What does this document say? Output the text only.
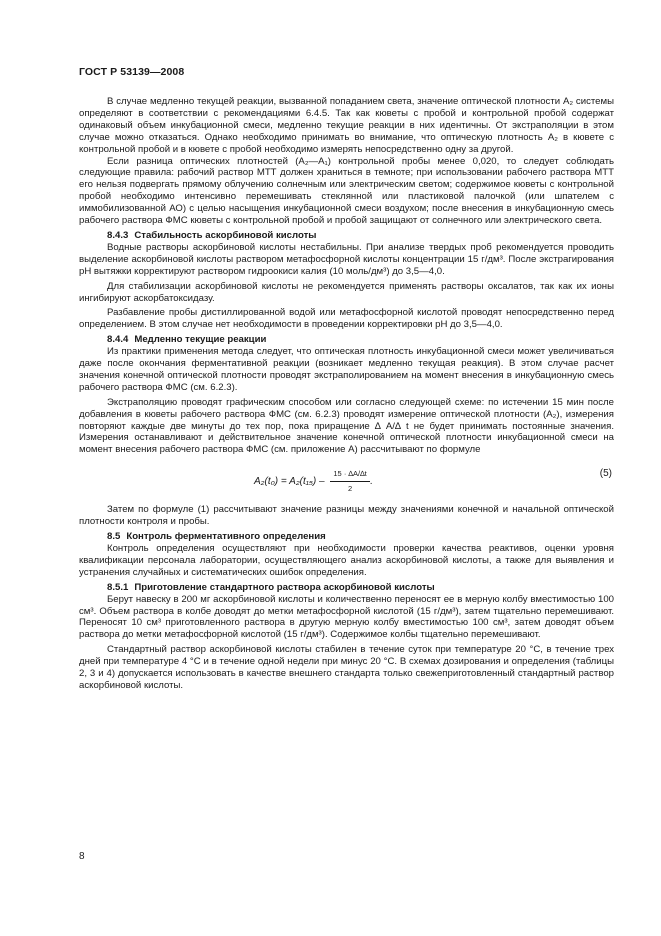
ГОСТ Р 53139—2008

В случае медленно текущей реакции, вызванной попаданием света, значение оптической плотности A₂ системы определяют в соответствии с рекомендациями 6.4.5. Так как кюветы с пробой и контрольной пробой содержат одинаковый объем инкубационной смеси, медленно текущие реакции в них идентичны. От экстраполяции в этом случае можно отказаться. Однако необходимо принимать во внимание, что оптическую плотность A₂ в кювете с контрольной пробой и в кювете с пробой необходимо измерять непосредственно одну за другой.

Если разница оптических плотностей (A₂—A₁) контрольной пробы менее 0,020, то следует соблюдать следующие правила: рабочий раствор МТТ должен храниться в темноте; при использовании рабочего раствора МТТ его нельзя подвергать прямому облучению солнечным или электрическим светом; содержимое кюветы с контрольной пробой необходимо интенсивно перемешивать стеклянной или пластиковой палочкой (или шпателем с иммобилизованной АО) с целью насыщения инкубационной смеси воздухом; после внесения в инкубационную смесь рабочего раствора ФМС кюветы с контрольной пробой и пробой защищают от солнечного или электрического света.

8.4.3 Стабильность аскорбиновой кислоты

Водные растворы аскорбиновой кислоты нестабильны. При анализе твердых проб рекомендуется проводить выделение аскорбиновой кислоты раствором метафосфорной кислоты концентрации 15 г/дм³. После экстрагирования pH вытяжки корректируют раствором гидроокиси калия (10 моль/дм³) до 3,5—4,0.

Для стабилизации аскорбиновой кислоты не рекомендуется применять растворы оксалатов, так как их ионы ингибируют аскорбатоксидазу.

Разбавление пробы дистиллированной водой или метафосфорной кислотой проводят непосредственно перед определением. В этом случае нет необходимости в проведении корректировки pH до 3,5—4,0.

8.4.4 Медленно текущие реакции

Из практики применения метода следует, что оптическая плотность инкубационной смеси может увеличиваться даже после окончания ферментативной реакции (возникает медленно текущая реакция). В этом случае расчет значения конечной оптической плотности проводят экстраполированием на момент внесения в инкубационную смесь рабочего раствора ФМС (см. 6.2.3).

Экстраполяцию проводят графическим способом или согласно следующей схеме: по истечении 15 мин после добавления в кюветы рабочего раствора ФМС (см. 6.2.3) проводят измерение оптической плотности (A₂), измерения повторяют каждые две минуты до тех пор, пока приращение ∆ A/∆ t не будет принимать постоянные значения. Измерения останавливают и действительное значение конечной оптической плотности инкубационной смеси на момент внесения рабочего раствора ФМС (см. приложение А) рассчитывают по формуле

$A_2(t_0) = A_2(t_{15}) - \frac{15 \cdot \Delta A/\Delta t}{2}$ .
(5)

Затем по формуле (1) рассчитывают значение разницы между значениями конечной и начальной оптической плотности контроля и пробы.

8.5 Контроль ферментативного определения

Контроль определения осуществляют при необходимости проверки качества реактивов, оценки уровня квалификации персонала лаборатории, осуществляющего анализ аскорбиновой кислоты, а также для выявления и устранения случайных и систематических ошибок определения.

8.5.1 Приготовление стандартного раствора аскорбиновой кислоты

Берут навеску в 200 мг аскорбиновой кислоты и количественно переносят ее в мерную колбу вместимостью 100 см³. Объем раствора в колбе доводят до метки метафосфорной кислотой (15 г/дм³), затем тщательно перемешивают. Переносят 10 см³ приготовленного раствора в другую мерную колбу вместимостью 100 см³, затем доводят объем раствора до метки метафосфорной кислотой (15 г/дм³). Содержимое колбы тщательно перемешивают.

Стандартный раствор аскорбиновой кислоты стабилен в течение суток при температуре 20 °С, в течение трех дней при температуре 4 °С и в течение одной недели при минус 20 °С. В схемах дозирования и определения (таблицы 2, 3 и 4) допускается использовать в качестве внешнего стандарта только свежеприготовленный стандартный раствор аскорбиновой кислоты.

8
